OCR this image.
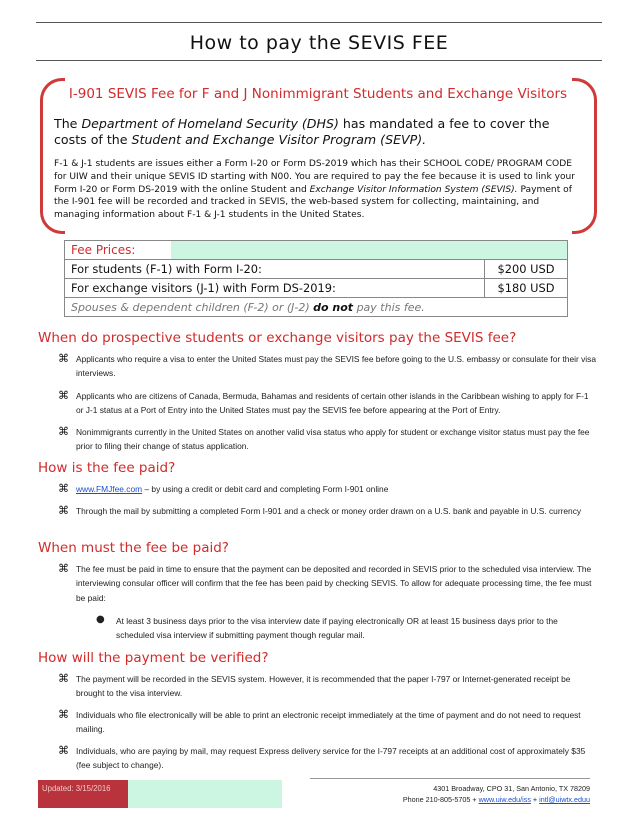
How to pay the SEVIS FEE
I-901 SEVIS Fee for F and J Nonimmigrant Students and Exchange Visitors
The Department of Homeland Security (DHS) has mandated a fee to cover the costs of the Student and Exchange Visitor Program (SEVP).
F-1 & J-1 students are issues either a Form I-20 or Form DS-2019 which has their SCHOOL CODE/ PROGRAM CODE for UIW and their unique SEVIS ID starting with N00. You are required to pay the fee because it is used to link your Form I-20 or Form DS-2019 with the online Student and Exchange Visitor Information System (SEVIS). Payment of the I-901 fee will be recorded and tracked in SEVIS, the web-based system for collecting, maintaining, and managing information about F-1 & J-1 students in the United States.
Fee Prices:
For students (F-1) with Form I-20:	$200 USD
For exchange visitors (J-1) with Form DS-2019:	$180 USD
Spouses & dependent children (F-2) or (J-2) do not pay this fee.
When do prospective students or exchange visitors pay the SEVIS fee?
⌘ Applicants who require a visa to enter the United States must pay the SEVIS fee before going to the U.S. embassy or consulate for their visa interviews.
⌘ Applicants who are citizens of Canada, Bermuda, Bahamas and residents of certain other islands in the Caribbean wishing to apply for F-1 or J-1 status at a Port of Entry into the United States must pay the SEVIS fee before appearing at the Port of Entry.
⌘ Nonimmigrants currently in the United States on another valid visa status who apply for student or exchange visitor status must pay the fee prior to filing their change of status application.
How is the fee paid?
⌘ www.FMJfee.com – by using a credit or debit card and completing Form I-901 online
⌘ Through the mail by submitting a completed Form I-901 and a check or money order drawn on a U.S. bank and payable in U.S. currency
When must the fee be paid?
⌘ The fee must be paid in time to ensure that the payment can be deposited and recorded in SEVIS prior to the scheduled visa interview. The interviewing consular officer will confirm that the fee has been paid by checking SEVIS. To allow for adequate processing time, the fee must be paid:
●	At least 3 business days prior to the visa interview date if paying electronically OR at least 15 business days prior to the scheduled visa interview if submitting payment though regular mail.
How will the payment be verified?
⌘ The payment will be recorded in the SEVIS system. However, it is recommended that the paper I-797 or Internet-generated receipt be brought to the visa interview.
⌘ Individuals who file electronically will be able to print an electronic receipt immediately at the time of payment and do not need to request mailing.
⌘ Individuals, who are paying by mail, may request Express delivery service for the I-797 receipts at an additional cost of approximately $35 (fee subject to change).
Updated: 3/15/2016	4301 Broadway, CPO 31, San Antonio, TX 78209
Phone 210-805-5705 + www.uiw.edu/iss + intl@uiwtx.eduu
